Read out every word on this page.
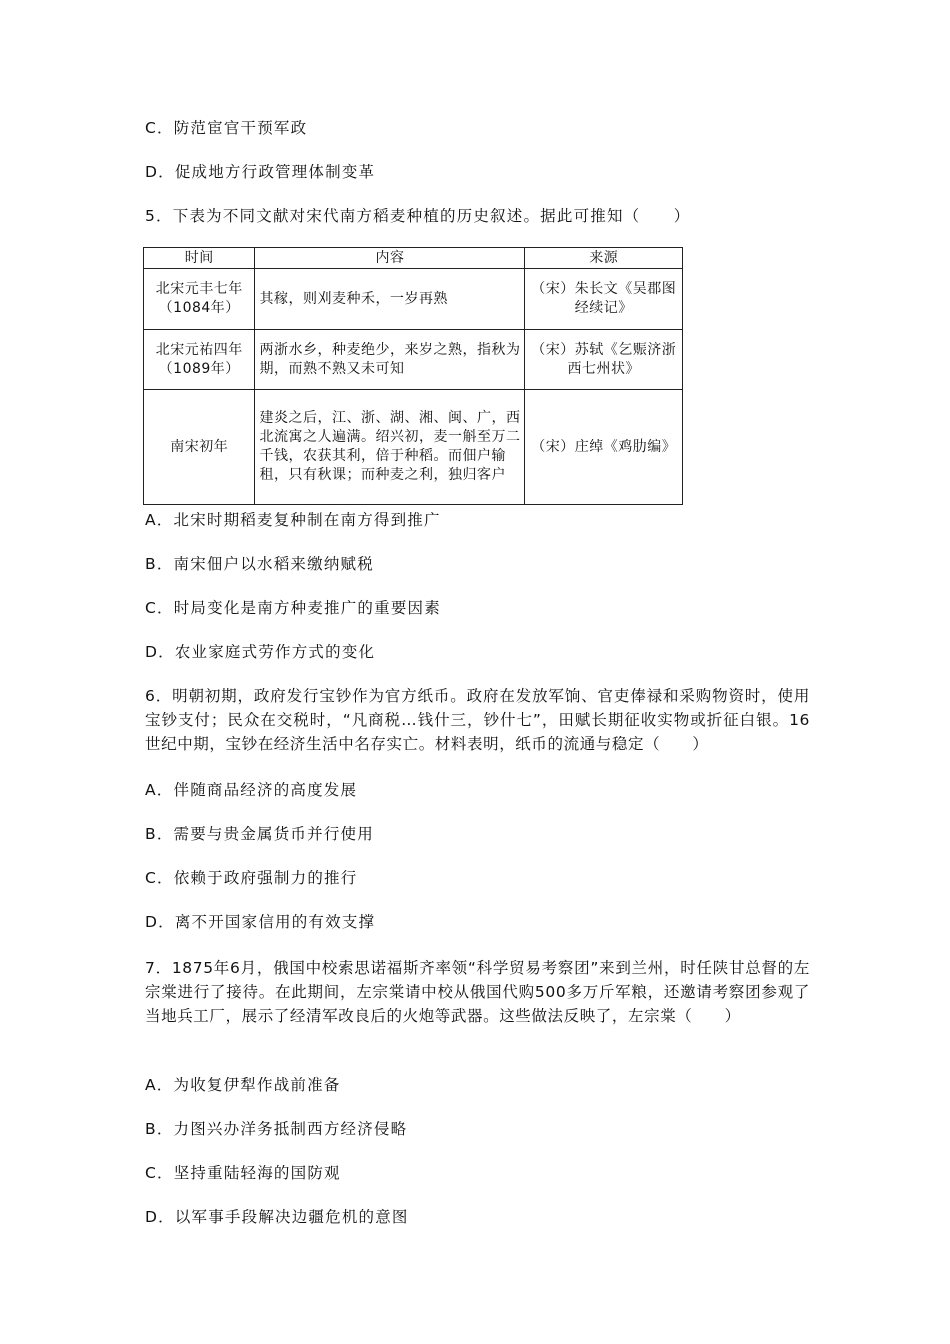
C．防范宦官干预军政
D．促成地方行政管理体制变革
5．下表为不同文献对宋代南方稻麦种植的历史叙述。据此可推知（　　）
时间	内容	来源
北宋元丰七年（1084年）	其稼，则刈麦种禾，一岁再熟	（宋）朱长文《吴郡图经续记》
北宋元祐四年（1089年）	两浙水乡，种麦绝少，来岁之熟，指秋为期，而熟不熟又未可知	（宋）苏轼《乞赈济浙西七州状》
南宋初年	建炎之后，江、浙、湖、湘、闽、广，西北流寓之人遍满。绍兴初，麦一斛至万二千钱，农获其利，倍于种稻。而佃户输租，只有秋课；而种麦之利，独归客户	（宋）庄绰《鸡肋编》
A．北宋时期稻麦复种制在南方得到推广
B．南宋佃户以水稻来缴纳赋税
C．时局变化是南方种麦推广的重要因素
D．农业家庭式劳作方式的变化
6．明朝初期，政府发行宝钞作为官方纸币。政府在发放军饷、官吏俸禄和采购物资时，使用宝钞支付；民众在交税时，“凡商税…钱什三，钞什七”，田赋长期征收实物或折征白银。16世纪中期，宝钞在经济生活中名存实亡。材料表明，纸币的流通与稳定（　　）
A．伴随商品经济的高度发展
B．需要与贵金属货币并行使用
C．依赖于政府强制力的推行
D．离不开国家信用的有效支撑
7．1875年6月，俄国中校索思诺福斯齐率领“科学贸易考察团”来到兰州，时任陕甘总督的左宗棠进行了接待。在此期间，左宗棠请中校从俄国代购500多万斤军粮，还邀请考察团参观了当地兵工厂，展示了经清军改良后的火炮等武器。这些做法反映了，左宗棠（　　）
A．为收复伊犁作战前准备
B．力图兴办洋务抵制西方经济侵略
C．坚持重陆轻海的国防观
D．以军事手段解决边疆危机的意图
